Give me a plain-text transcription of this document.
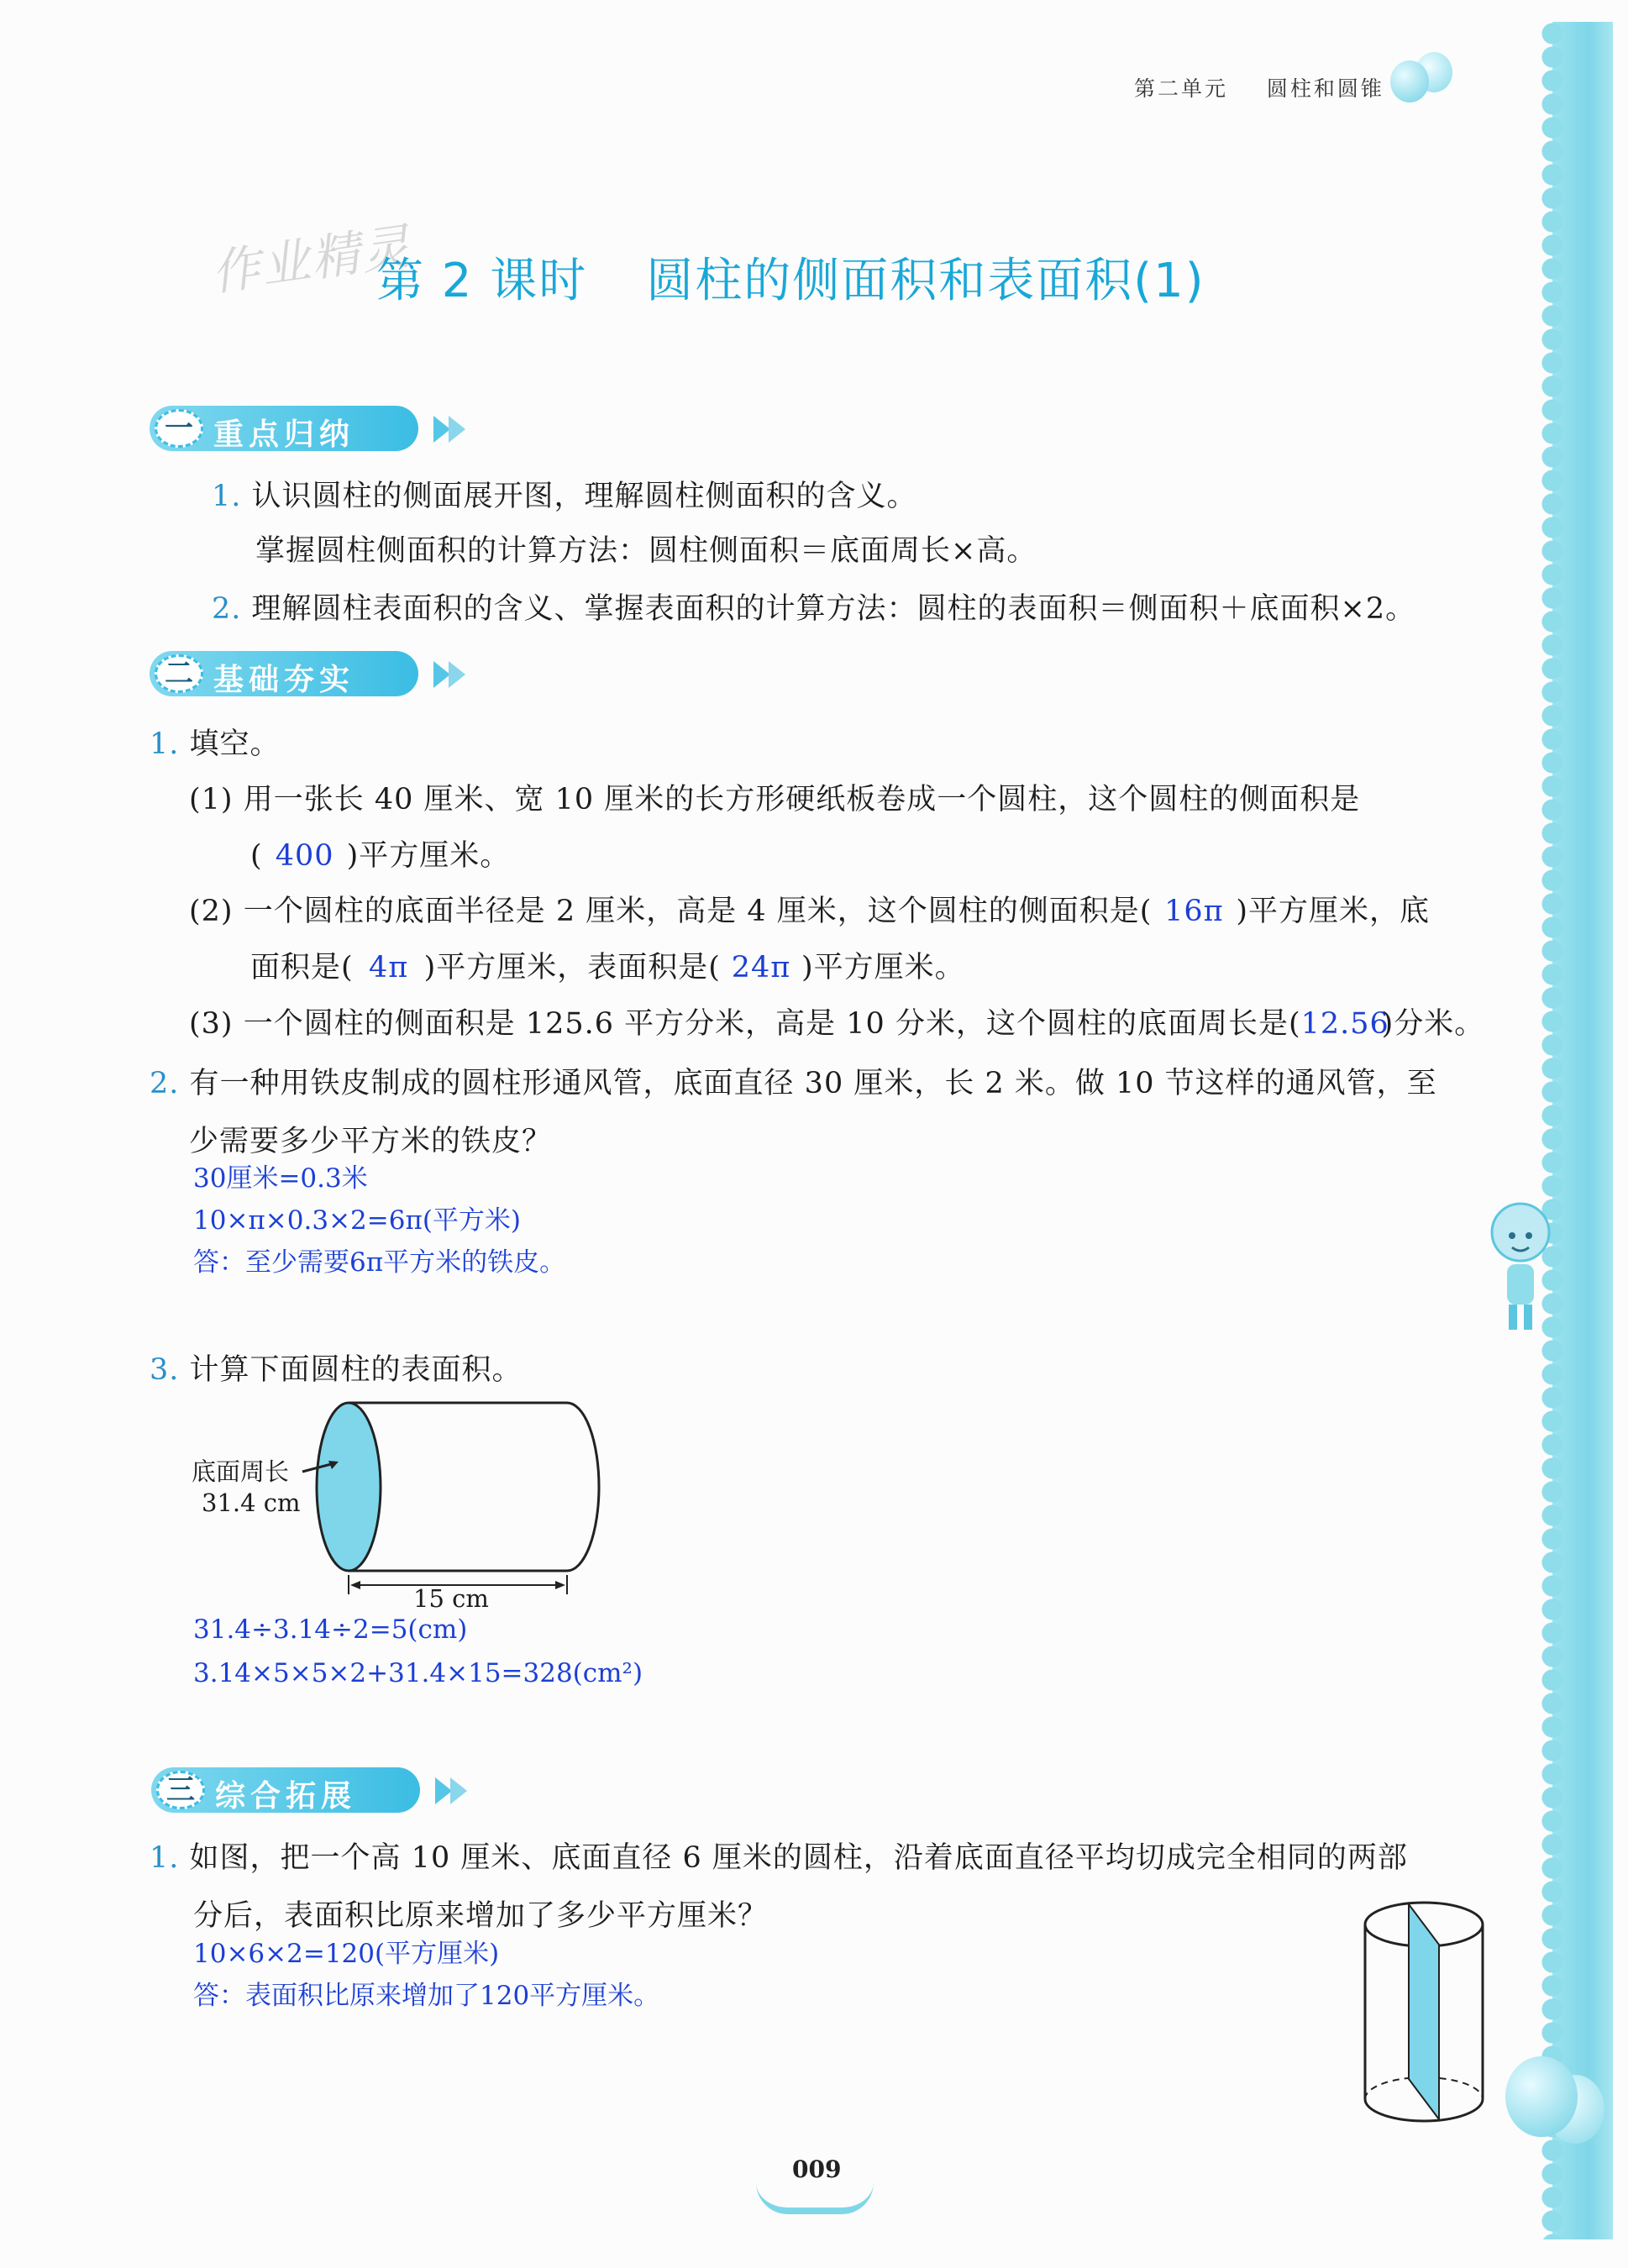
第二单元 圆柱和圆锥
作业精灵
第 2 课时 圆柱的侧面积和表面积(1)
一 重点归纳
1. 认识圆柱的侧面展开图，理解圆柱侧面积的含义。
掌握圆柱侧面积的计算方法：圆柱侧面积＝底面周长×高。
2. 理解圆柱表面积的含义、掌握表面积的计算方法：圆柱的表面积＝侧面积＋底面积×2。
二 基础夯实
1. 填空。
(1) 用一张长 40 厘米、宽 10 厘米的长方形硬纸板卷成一个圆柱，这个圆柱的侧面积是
( 400 )平方厘米。
(2) 一个圆柱的底面半径是 2 厘米，高是 4 厘米，这个圆柱的侧面积是( 16π )平方厘米，底
面积是( 4π )平方厘米，表面积是( 24π )平方厘米。
(3) 一个圆柱的侧面积是 125.6 平方分米，高是 10 分米，这个圆柱的底面周长是(12.56)分米。
2. 有一种用铁皮制成的圆柱形通风管，底面直径 30 厘米，长 2 米。做 10 节这样的通风管，至
少需要多少平方米的铁皮？
30厘米=0.3米
10×π×0.3×2=6π(平方米)
答：至少需要6π平方米的铁皮。
3. 计算下面圆柱的表面积。
底面周长
31.4 cm
15 cm
31.4÷3.14÷2=5(cm)
3.14×5×5×2+31.4×15=328(cm²)
三 综合拓展
1. 如图，把一个高 10 厘米、底面直径 6 厘米的圆柱，沿着底面直径平均切成完全相同的两部
分后，表面积比原来增加了多少平方厘米？
10×6×2=120(平方厘米)
答：表面积比原来增加了120平方厘米。
009
